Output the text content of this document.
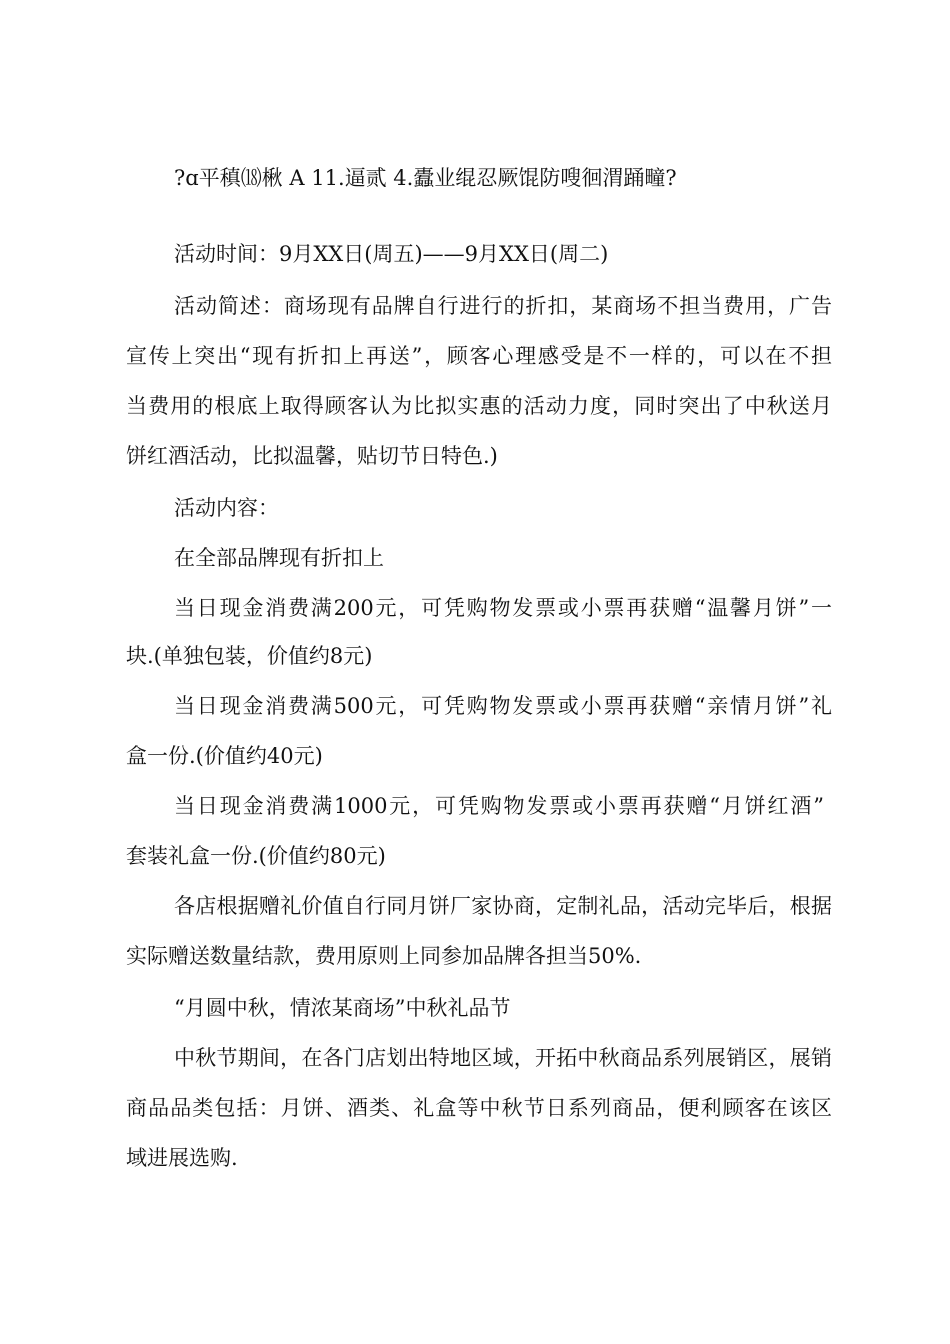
?ɑ平稹⒅楸 A 11.逼贰 4.蠹业绲忍厥馄防嗖徊渭踊疃?
活动时间：9月XX日(周五)——9月XX日(周二)
活动简述：商场现有品牌自行进行的折扣，某商场不担当费用，广告
宣传上突出“现有折扣上再送”，顾客心理感受是不一样的，可以在不担
当费用的根底上取得顾客认为比拟实惠的活动力度，同时突出了中秋送月
饼红酒活动，比拟温馨，贴切节日特色.)
活动内容：
在全部品牌现有折扣上
当日现金消费满200元，可凭购物发票或小票再获赠“温馨月饼”一
块.(单独包装，价值约8元)
当日现金消费满500元，可凭购物发票或小票再获赠“亲情月饼”礼
盒一份.(价值约40元)
当日现金消费满1000元，可凭购物发票或小票再获赠“月饼红酒”
套装礼盒一份.(价值约80元)
各店根据赠礼价值自行同月饼厂家协商，定制礼品，活动完毕后，根据
实际赠送数量结款，费用原则上同参加品牌各担当50%.
“月圆中秋，情浓某商场”中秋礼品节
中秋节期间，在各门店划出特地区域，开拓中秋商品系列展销区，展销
商品品类包括：月饼、酒类、礼盒等中秋节日系列商品，便利顾客在该区
域进展选购.
